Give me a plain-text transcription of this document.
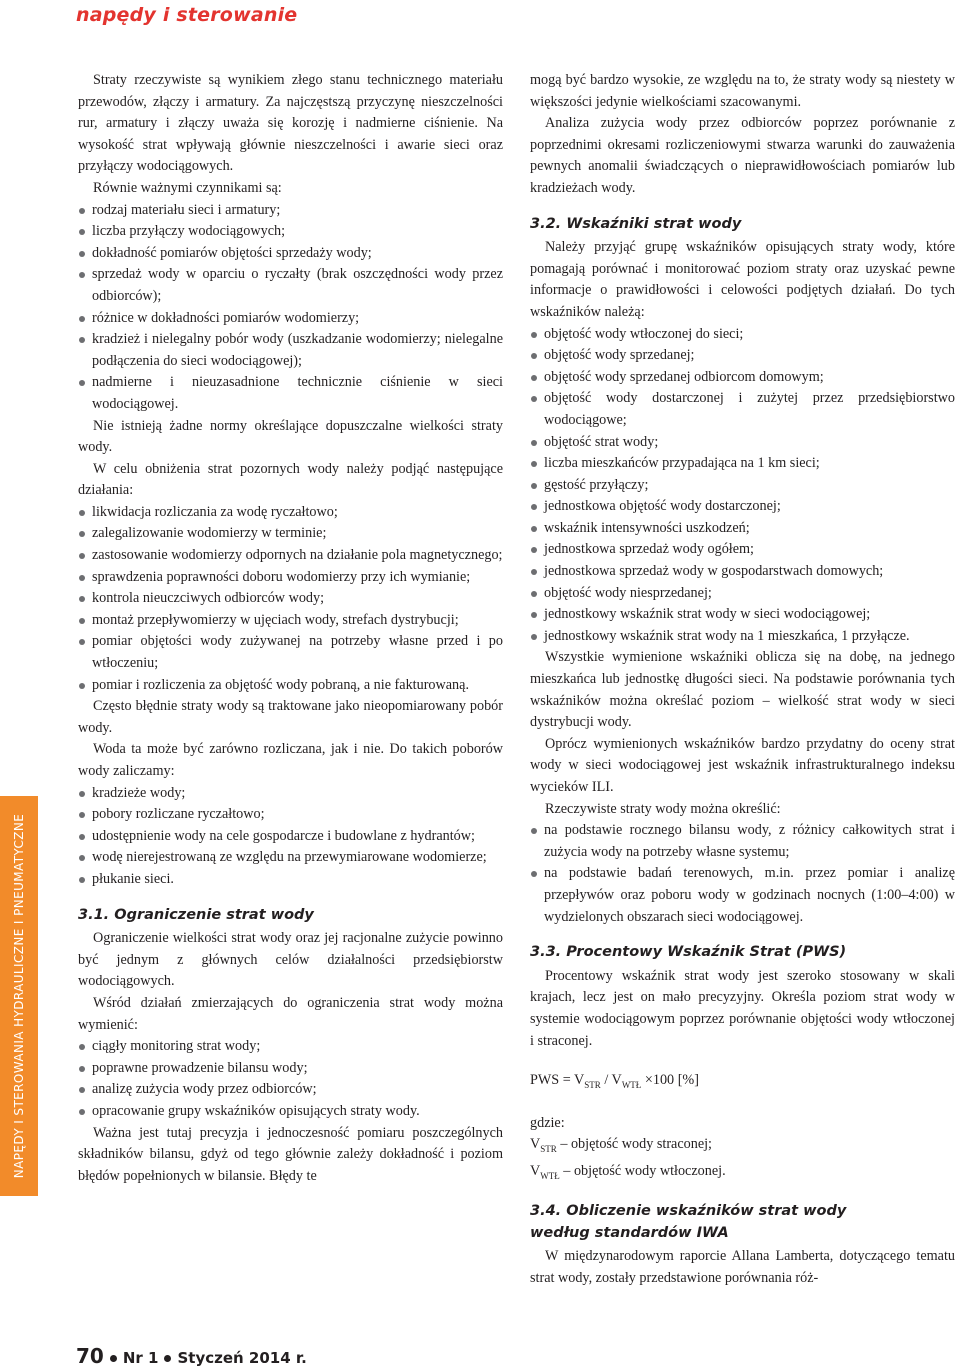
napędy i sterowanie
NAPĘDY I STEROWANIA HYDRAULICZNE I PNEUMATYCZNE

Straty rzeczywiste są wynikiem złego stanu technicznego materiału przewodów, złączy i armatury. Za najczęstszą przyczynę nieszczelności rur, armatury i złączy uważa się korozję i nadmierne ciśnienie. Na wysokość strat wpływają głównie nieszczelności i awarie sieci oraz przyłączy wodociągowych.

Równie ważnymi czynnikami są:

rodzaj materiału sieci i armatury;
liczba przyłączy wodociągowych;
dokładność pomiarów objętości sprzedaży wody;
sprzedaż wody w oparciu o ryczałty (brak oszczędności wody przez odbiorców);
różnice w dokładności pomiarów wodomierzy;
kradzież i nielegalny pobór wody (uszkadzanie wodomierzy; nielegalne podłączenia do sieci wodociągowej);
nadmierne i nieuzasadnione technicznie ciśnienie w sieci wodociągowej.

Nie istnieją żadne normy określające dopuszczalne wielkości straty wody.

W celu obniżenia strat pozornych wody należy podjąć następujące działania:

likwidacja rozliczania za wodę ryczałtowo;
zalegalizowanie wodomierzy w terminie;
zastosowanie wodomierzy odpornych na działanie pola magnetycznego;
sprawdzenia poprawności doboru wodomierzy przy ich wymianie;
kontrola nieuczciwych odbiorców wody;
montaż przepływomierzy w ujęciach wody, strefach dystrybucji;
pomiar objętości wody zużywanej na potrzeby własne przed i po wtłoczeniu;
pomiar i rozliczenia za objętość wody pobraną, a nie fakturowaną.

Często błędnie straty wody są traktowane jako nieopomiarowany pobór wody.

Woda ta może być zarówno rozliczana, jak i nie. Do takich poborów wody zaliczamy:

kradzieże wody;
pobory rozliczane ryczałtowo;
udostępnienie wody na cele gospodarcze i budowlane z hydrantów;
wodę nierejestrowaną ze względu na przewymiarowane wodomierze;
płukanie sieci.
3.1. Ograniczenie strat wody

Ograniczenie wielkości strat wody oraz jej racjonalne zużycie powinno być jednym z głównych celów działalności przedsiębiorstw wodociągowych.

Wśród działań zmierzających do ograniczenia strat wody można wymienić:

ciągły monitoring strat wody;
poprawne prowadzenie bilansu wody;
analizę zużycia wody przez odbiorców;
opracowanie grupy wskaźników opisujących straty wody.

Ważna jest tutaj precyzja i jednoczesność pomiaru poszczególnych składników bilansu, gdyż od tego głównie zależy dokładność i poziom błędów popełnionych w bilansie. Błędy te

mogą być bardzo wysokie, ze względu na to, że straty wody są niestety w większości jedynie wielkościami szacowanymi.

Analiza zużycia wody przez odbiorców poprzez porównanie z poprzednimi okresami rozliczeniowymi stwarza warunki do zauważenia pewnych anomalii świadczących o nieprawidłowościach pomiarów lub kradzieżach wody.

3.2. Wskaźniki strat wody

Należy przyjąć grupę wskaźników opisujących straty wody, które pomagają porównać i monitorować poziom straty oraz uzyskać pewne informacje o prawidłowości i celowości podjętych działań. Do tych wskaźników należą:

objętość wody wtłoczonej do sieci;
objętość wody sprzedanej;
objętość wody sprzedanej odbiorcom domowym;
objętość wody dostarczonej i zużytej przez przedsiębiorstwo wodociągowe;
objętość strat wody;
liczba mieszkańców przypadająca na 1 km sieci;
gęstość przyłączy;
jednostkowa objętość wody dostarczonej;
wskaźnik intensywności uszkodzeń;
jednostkowa sprzedaż wody ogółem;
jednostkowa sprzedaż wody w gospodarstwach domowych;
objętość wody niesprzedanej;
jednostkowy wskaźnik strat wody w sieci wodociągowej;
jednostkowy wskaźnik strat wody na 1 mieszkańca, 1 przyłącze.

Wszystkie wymienione wskaźniki oblicza się na dobę, na jednego mieszkańca lub jednostkę długości sieci. Na podstawie porównania tych wskaźników można określać poziom – wielkość strat wody w sieci dystrybucji wody.

Oprócz wymienionych wskaźników bardzo przydatny do oceny strat wody w sieci wodociągowej jest wskaźnik infrastrukturalnego indeksu wycieków ILI.

Rzeczywiste straty wody można określić:

na podstawie rocznego bilansu wody, z różnicy całkowitych strat i zużycia wody na potrzeby własne systemu;
na podstawie badań terenowych, m.in. przez pomiar i analizę przepływów oraz poboru wody w godzinach nocnych (1:00–4:00) w wydzielonych obszarach sieci wodociągowej.
3.3. Procentowy Wskaźnik Strat (PWS)

Procentowy wskaźnik strat wody jest szeroko stosowany w skali krajach, lecz jest on mało precyzyjny. Określa poziom strat wody w systemie wodociągowym poprzez porównanie objętości wody wtłoczonej i straconej.

PWS = $V_{STR} / V_{WTŁ} \times 100$ [%]

gdzie:

$V_{STR}$ – objętość wody straconej;

$V_{WTŁ}$ – objętość wody wtłoczonej.

3.4. Obliczenie wskaźników strat wody
według standardów IWA

W międzynarodowym raporcie Allana Lamberta, dotyczącego tematu strat wody, zostały przedstawione porównania róż-

70 Nr 1 Styczeń 2014 r.
